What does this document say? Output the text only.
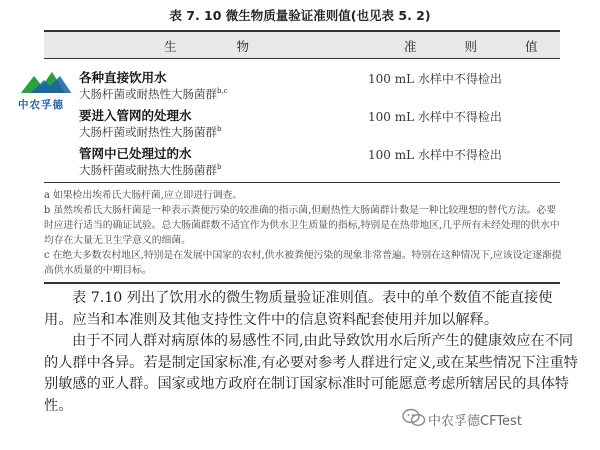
表 7. 10 微生物质量验证准则值(也见表 5. 2)
生 物	准 则 值
中农孚德
各种直接饮用水
大肠杆菌或耐热性大肠菌群$^{b,c}$
100 mL 水样中不得检出
要进入管网的处理水
大肠杆菌或耐热性大肠菌群$^b$
100 mL 水样中不得检出
管网中已处理过的水
大肠杆菌或耐热大性肠菌群$^b$
100 mL 水样中不得检出

a 如果检出埃希氏大肠杆菌,应立即进行调查。

b 虽然埃希氏大肠杆菌是一种表示粪便污染的较准确的指示菌,但耐热性大肠菌群计数是一种比较理想的替代方法。必要时应进行适当的确证试验。总大肠菌群数不适宜作为供水卫生质量的指标,特别是在热带地区,几乎所有未经处理的供水中均存在大量无卫生学意义的细菌。

c 在绝大多数农村地区,特别是在发展中国家的农村,供水被粪便污染的现象非常普遍。特别在这种情况下,应该设定逐渐提高供水质量的中期目标。

表 7.10 列出了饮用水的微生物质量验证准则值。表中的单个数值不能直接使用。应当和本准则及其他支持性文件中的信息资料配套使用并加以解释。

由于不同人群对病原体的易感性不同,由此导致饮用水后所产生的健康效应在不同的人群中各异。若是制定国家标准,有必要对参考人群进行定义,或在某些情况下注重特别敏感的亚人群。国家或地方政府在制订国家标准时可能愿意考虑所辖居民的具体特性。

中农孚德CFTest
